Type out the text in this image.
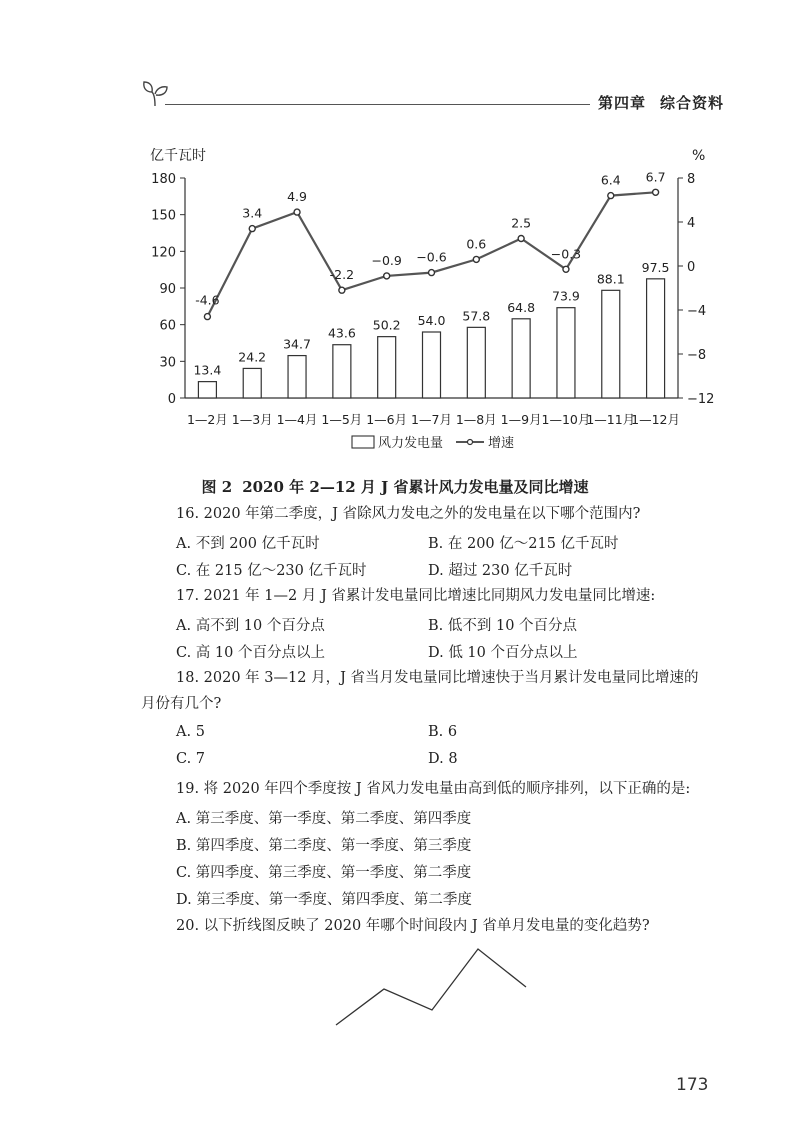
第四章 综合资料
亿千瓦时	%
180
150
120
90
60
30
0
8
4
0
−4
−8
−12
13.4
24.2
34.7
43.6
50.2 54.0 57.8
64.8
73.9
88.1
97.5
1—2月 1—3月 1—4月 1—5月 1—6月 1—7月 1—8月 1—9月 1—10月
1—11月
1—12月
-4.6
3.4
4.9
-2.2
−0.9 −0.6
0.6
2.5
−0.3
6.4 6.7
风力发电量	增速
图 2 2020 年 2—12 月 J 省累计风力发电量及同比增速
16. 2020 年第二季度，J 省除风力发电之外的发电量在以下哪个范围内?
A. 不到 200 亿千瓦时	B. 在 200 亿～215 亿千瓦时
C. 在 215 亿～230 亿千瓦时	D. 超过 230 亿千瓦时
17. 2021 年 1—2 月 J 省累计发电量同比增速比同期风力发电量同比增速:
A. 高不到 10 个百分点	B. 低不到 10 个百分点
C. 高 10 个百分点以上	D. 低 10 个百分点以上
18. 2020 年 3—12 月，J 省当月发电量同比增速快于当月累计发电量同比增速的
月份有几个?
A. 5	B. 6
C. 7	D. 8
19. 将 2020 年四个季度按 J 省风力发电量由高到低的顺序排列，以下正确的是:
A. 第三季度、第一季度、第二季度、第四季度
B. 第四季度、第二季度、第一季度、第三季度
C. 第四季度、第三季度、第一季度、第二季度
D. 第三季度、第一季度、第四季度、第二季度
20. 以下折线图反映了 2020 年哪个时间段内 J 省单月发电量的变化趋势?
173
